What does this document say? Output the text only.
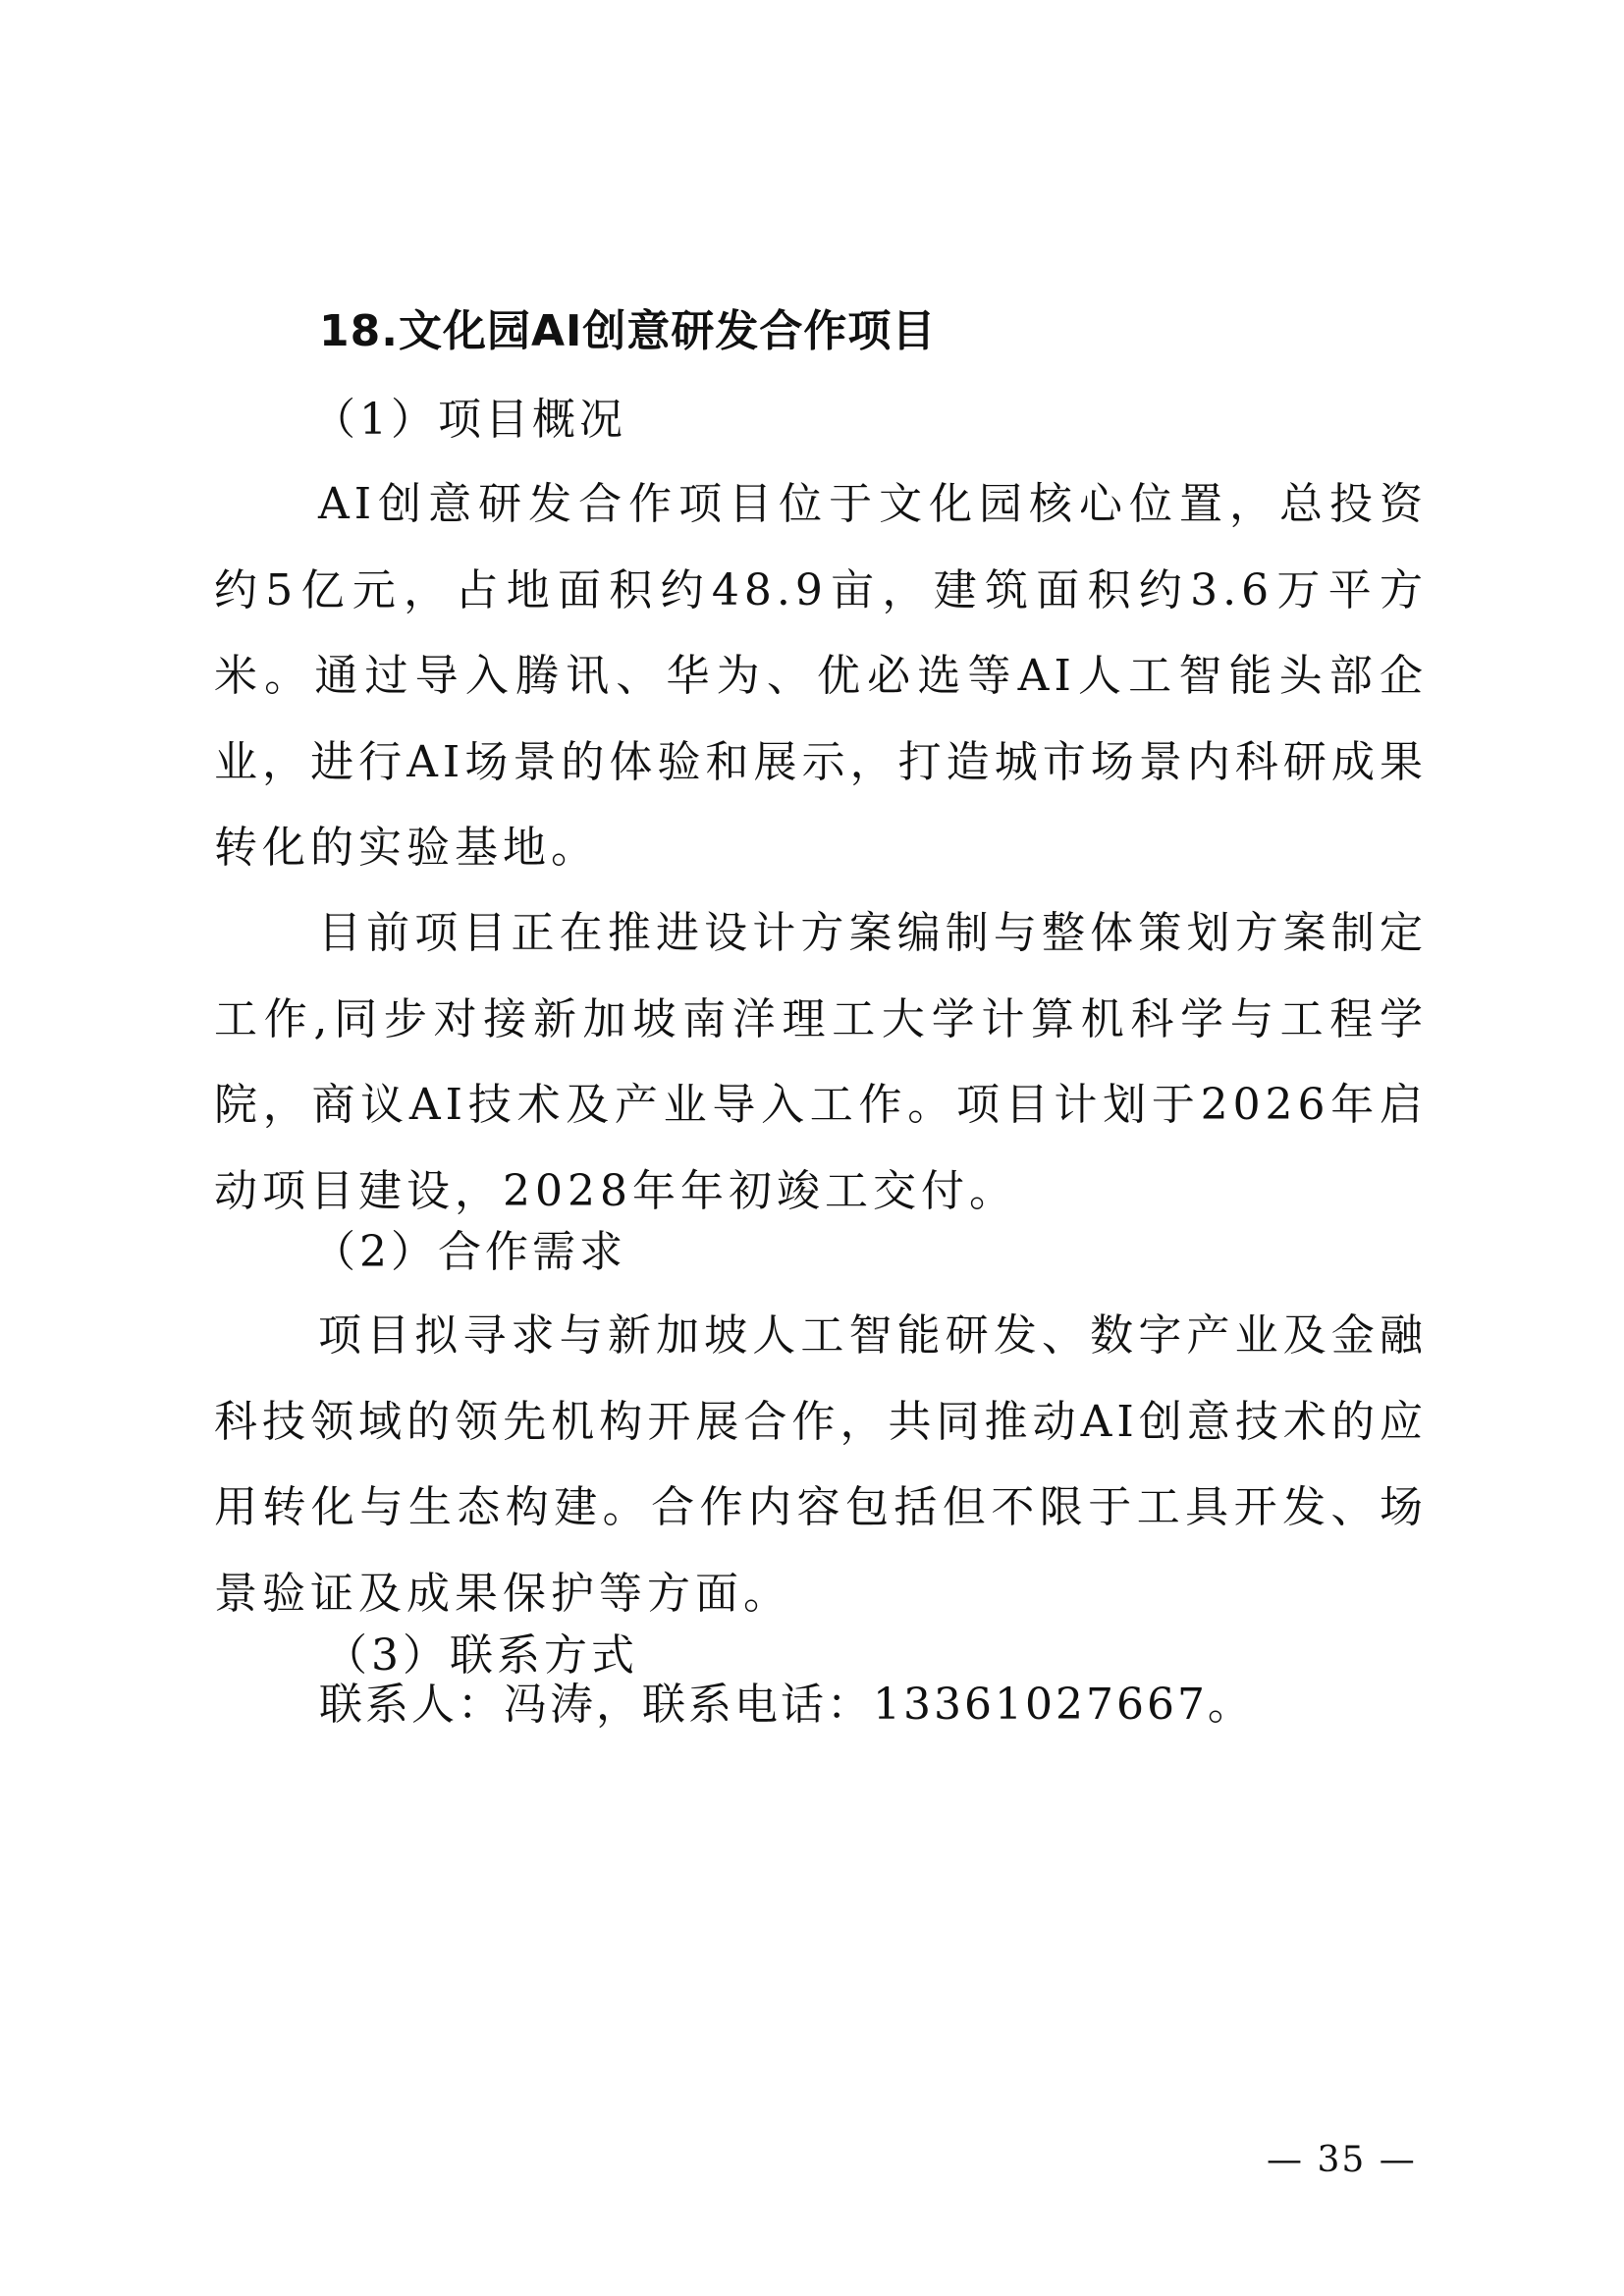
18.文化园AI创意研发合作项目
（1）项目概况

AI创意研发合作项目位于文化园核心位置，总投资约5亿元，占地面积约48.9亩，建筑面积约3.6万平方米。通过导入腾讯、华为、优必选等AI人工智能头部企业，进行AI场景的体验和展示，打造城市场景内科研成果转化的实验基地。

目前项目正在推进设计方案编制与整体策划方案制定工作,同步对接新加坡南洋理工大学计算机科学与工程学院，商议AI技术及产业导入工作。项目计划于2026年启动项目建设，2028年年初竣工交付。

（2）合作需求

项目拟寻求与新加坡人工智能研发、数字产业及金融科技领域的领先机构开展合作，共同推动AI创意技术的应用转化与生态构建。合作内容包括但不限于工具开发、场景验证及成果保护等方面。

（3）联系方式
联系人：冯涛，联系电话：13361027667。
— 35 —
